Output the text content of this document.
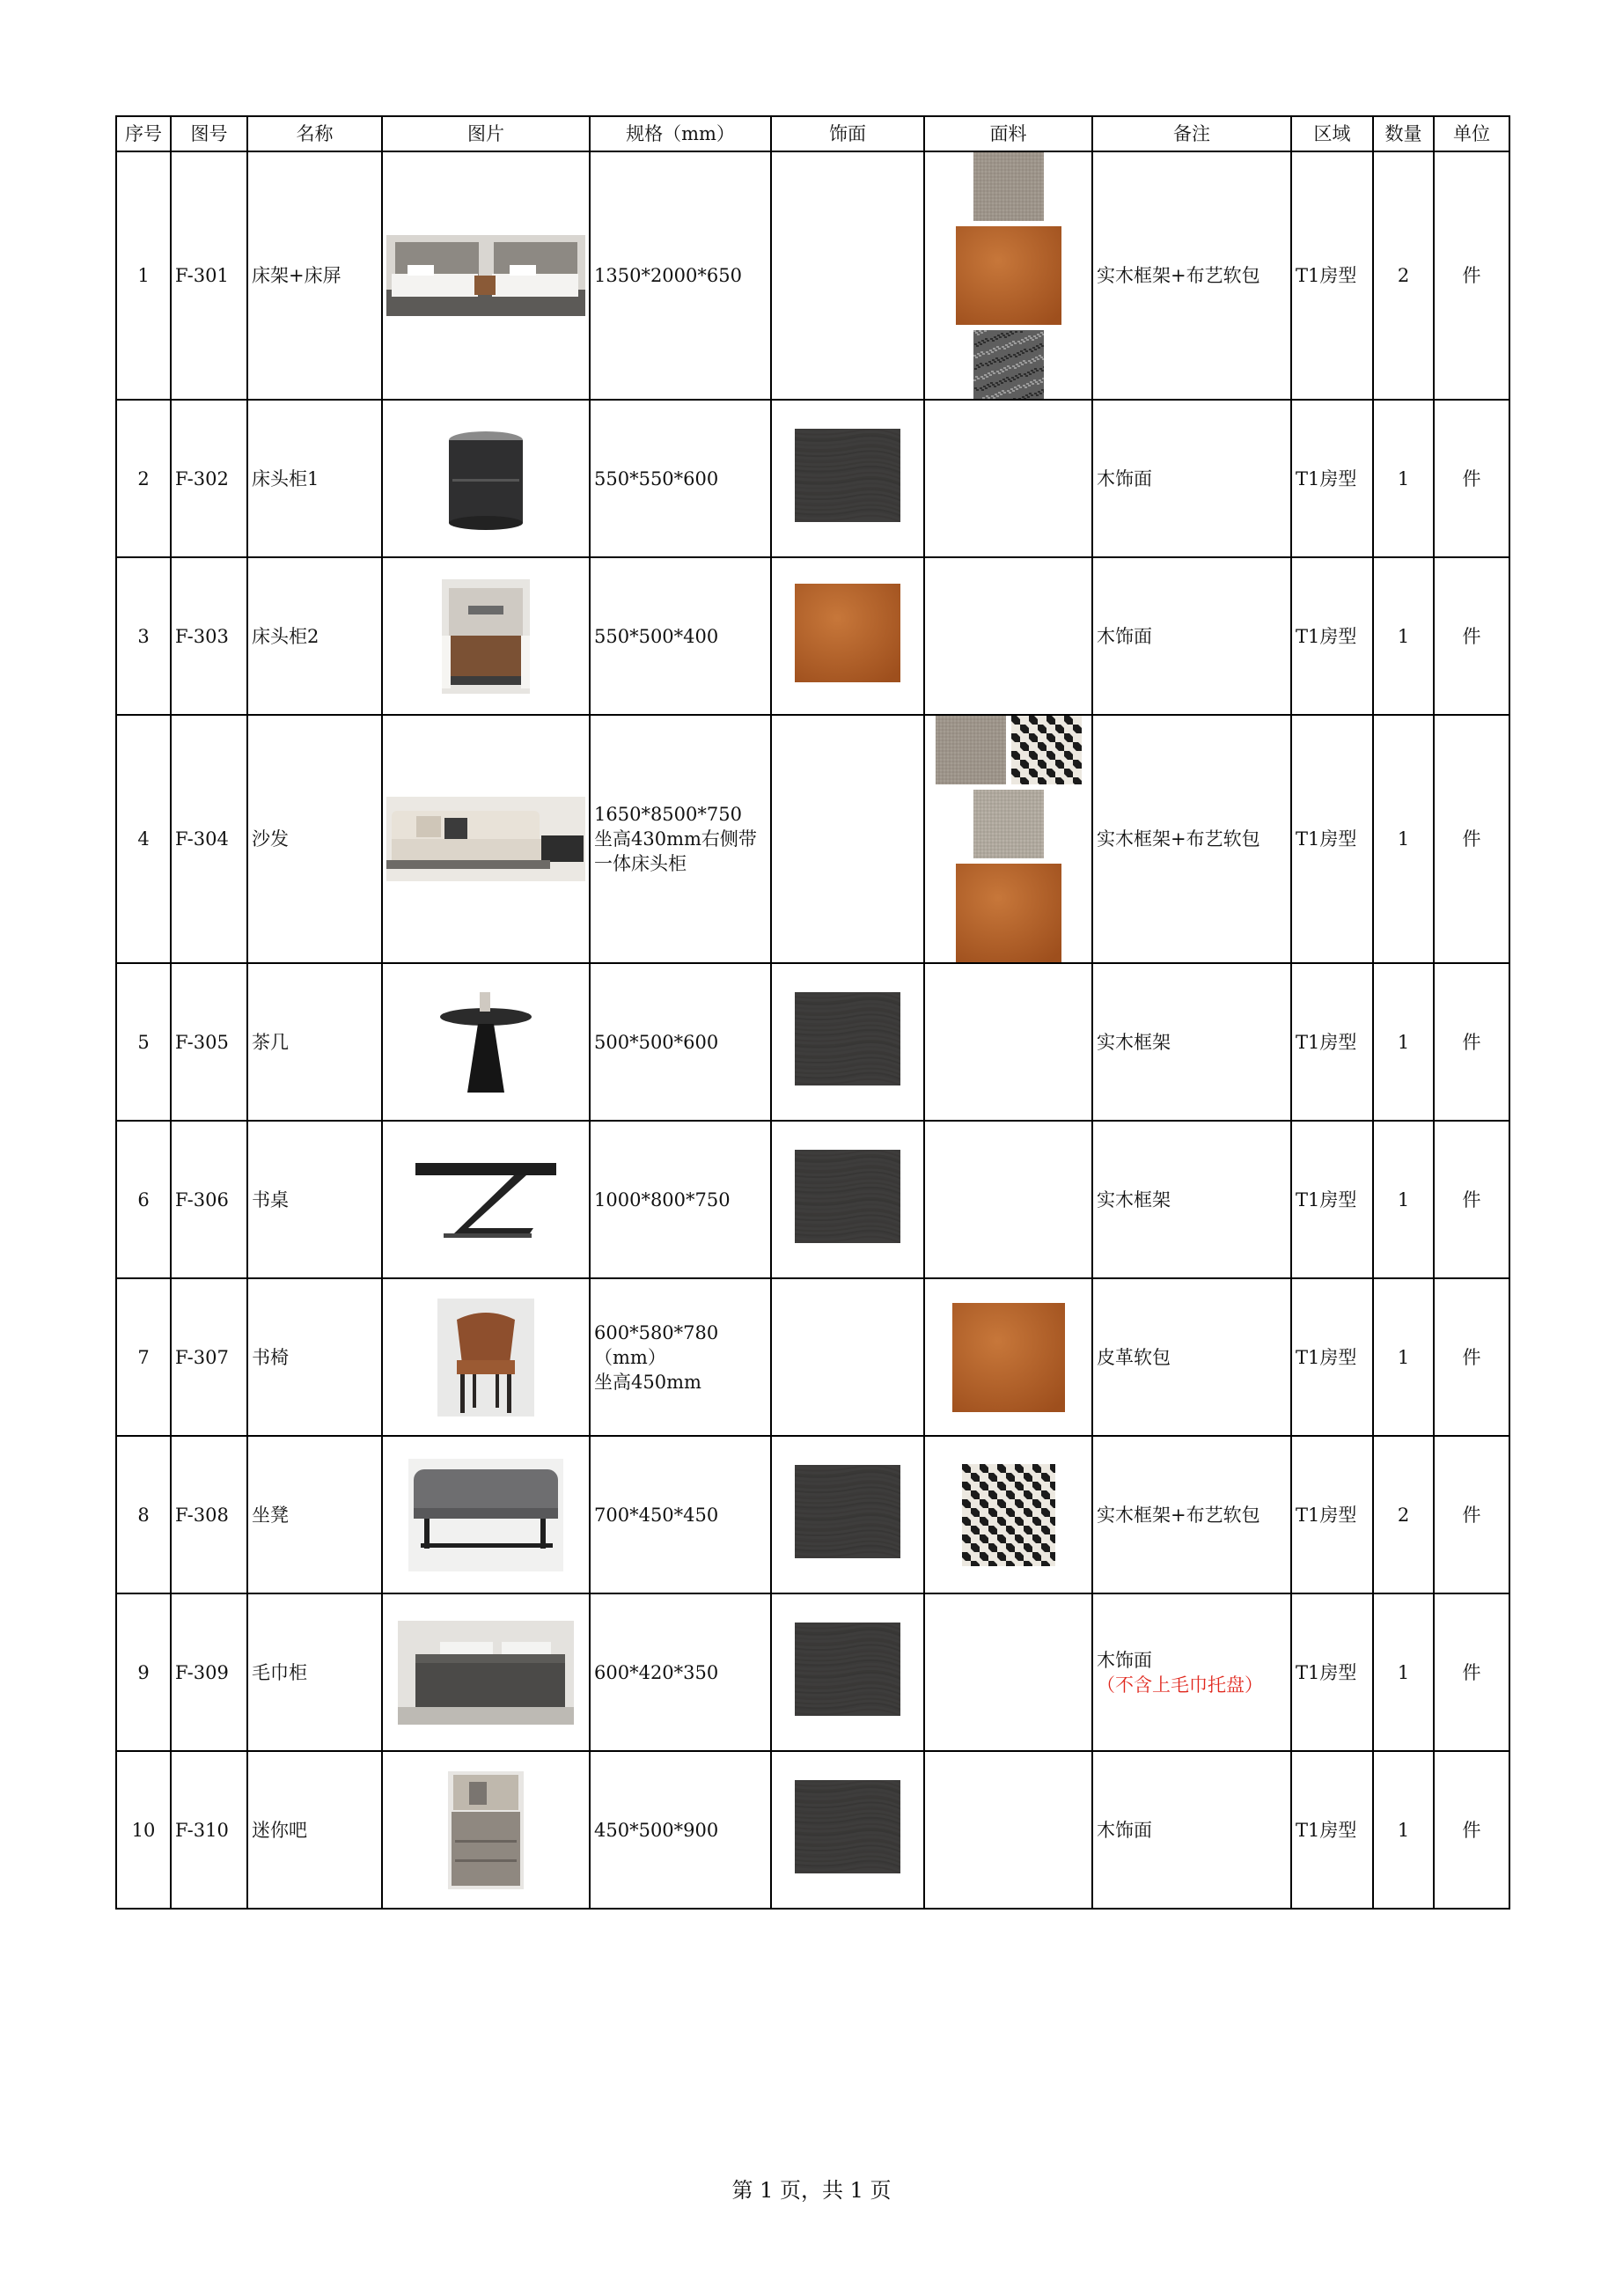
序号	图号	名称	图片	规格（mm）	饰面	面料	备注	区域	数量	单位
1	F-301	床架+床屏		1350*2000*650			实木框架+布艺软包	T1房型	2	件
2	F-302	床头柜1		550*550*600			木饰面	T1房型	1	件
3	F-303	床头柜2		550*500*400			木饰面	T1房型	1	件
4	F-304	沙发		1650*8500*750
坐高430mm右侧带一体床头柜			实木框架+布艺软包	T1房型	1	件
5	F-305	茶几		500*500*600			实木框架	T1房型	1	件
6	F-306	书桌		1000*800*750			实木框架	T1房型	1	件
7	F-307	书椅		600*580*780（mm）
坐高450mm			皮革软包	T1房型	1	件
8	F-308	坐凳		700*450*450			实木框架+布艺软包	T1房型	2	件
9	F-309	毛巾柜		600*420*350			木饰面
（不含上毛巾托盘）	T1房型	1	件
10	F-310	迷你吧		450*500*900			木饰面	T1房型	1	件
第 1 页，共 1 页
